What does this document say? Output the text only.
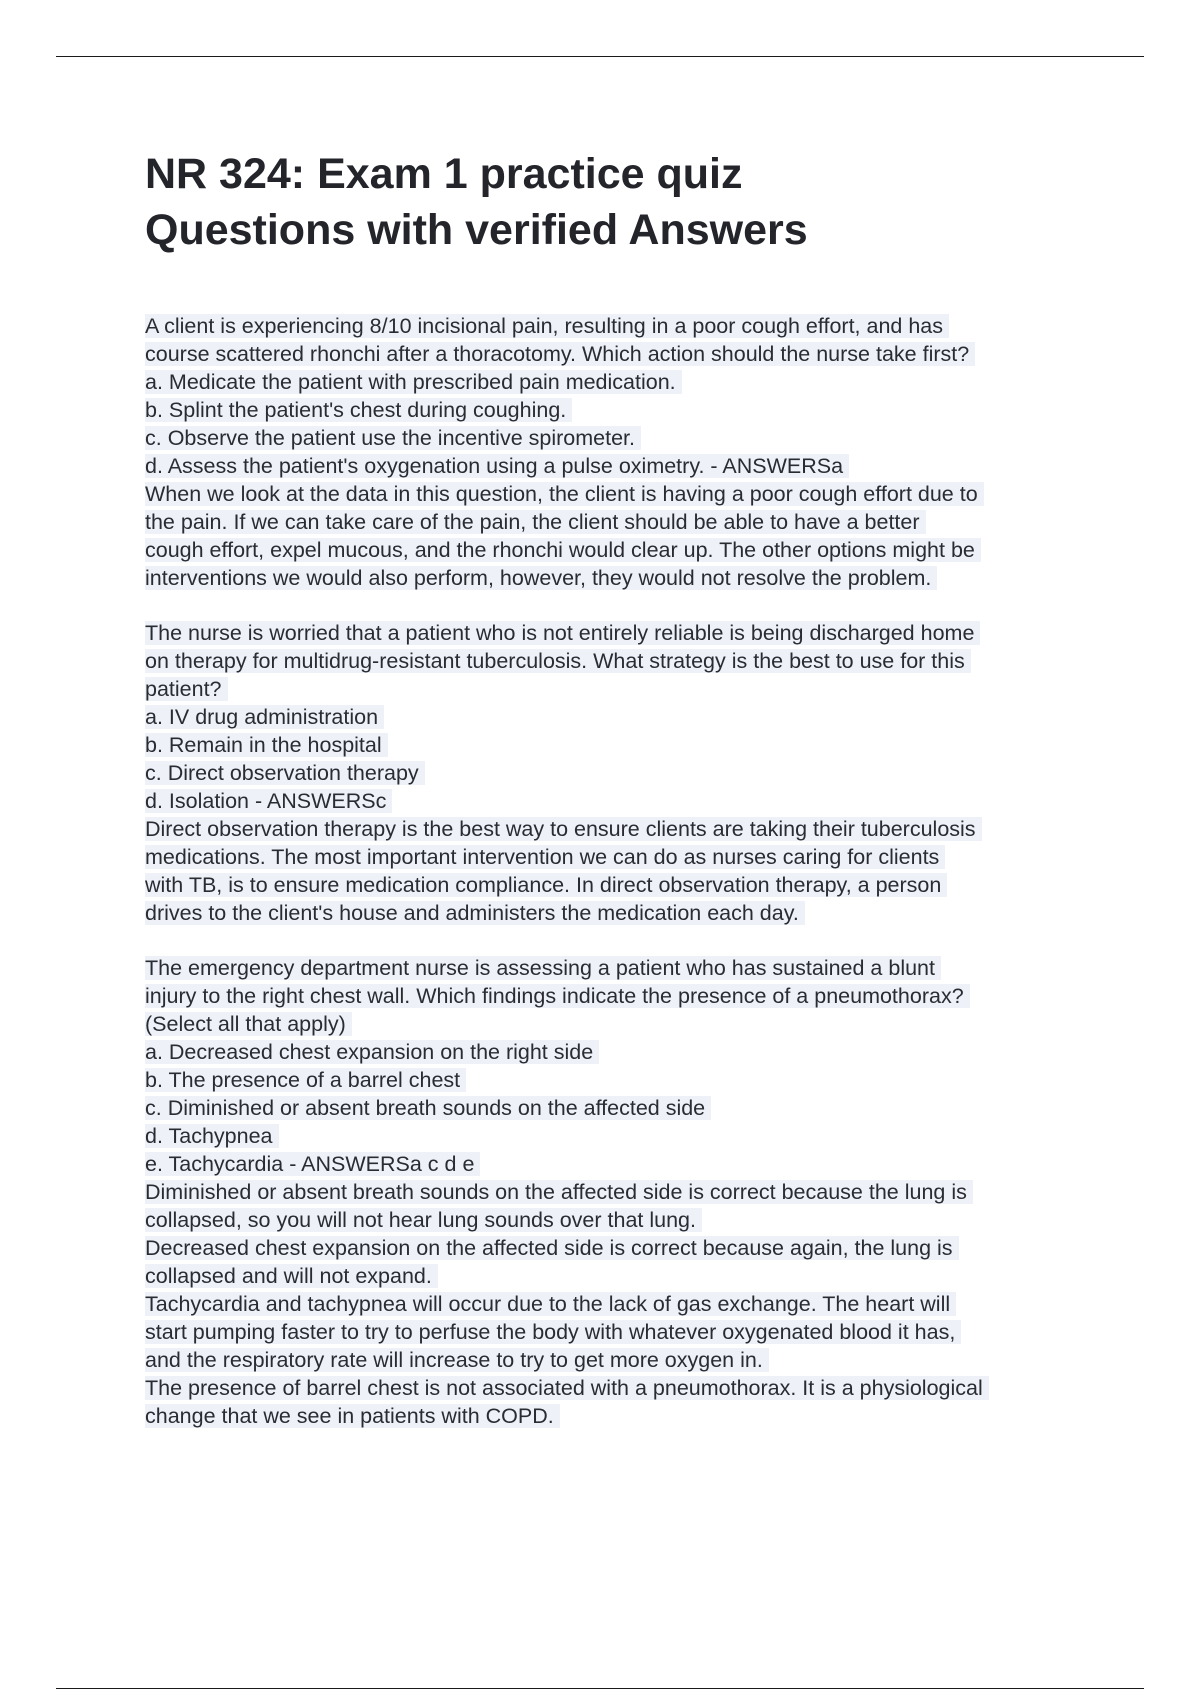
NR 324: Exam 1 practice quiz
Questions with verified Answers
A client is experiencing 8/10 incisional pain, resulting in a poor cough effort, and has
course scattered rhonchi after a thoracotomy. Which action should the nurse take first?
a. Medicate the patient with prescribed pain medication.
b. Splint the patient's chest during coughing.
c. Observe the patient use the incentive spirometer.
d. Assess the patient's oxygenation using a pulse oximetry. - ANSWERSa
When we look at the data in this question, the client is having a poor cough effort due to
the pain. If we can take care of the pain, the client should be able to have a better
cough effort, expel mucous, and the rhonchi would clear up. The other options might be
interventions we would also perform, however, they would not resolve the problem.
The nurse is worried that a patient who is not entirely reliable is being discharged home
on therapy for multidrug-resistant tuberculosis. What strategy is the best to use for this
patient?
a. IV drug administration
b. Remain in the hospital
c. Direct observation therapy
d. Isolation - ANSWERSc
Direct observation therapy is the best way to ensure clients are taking their tuberculosis
medications. The most important intervention we can do as nurses caring for clients
with TB, is to ensure medication compliance. In direct observation therapy, a person
drives to the client's house and administers the medication each day.
The emergency department nurse is assessing a patient who has sustained a blunt
injury to the right chest wall. Which findings indicate the presence of a pneumothorax?
(Select all that apply)
a. Decreased chest expansion on the right side
b. The presence of a barrel chest
c. Diminished or absent breath sounds on the affected side
d. Tachypnea
e. Tachycardia - ANSWERSa c d e
Diminished or absent breath sounds on the affected side is correct because the lung is
collapsed, so you will not hear lung sounds over that lung.
Decreased chest expansion on the affected side is correct because again, the lung is
collapsed and will not expand.
Tachycardia and tachypnea will occur due to the lack of gas exchange. The heart will
start pumping faster to try to perfuse the body with whatever oxygenated blood it has,
and the respiratory rate will increase to try to get more oxygen in.
The presence of barrel chest is not associated with a pneumothorax. It is a physiological
change that we see in patients with COPD.
